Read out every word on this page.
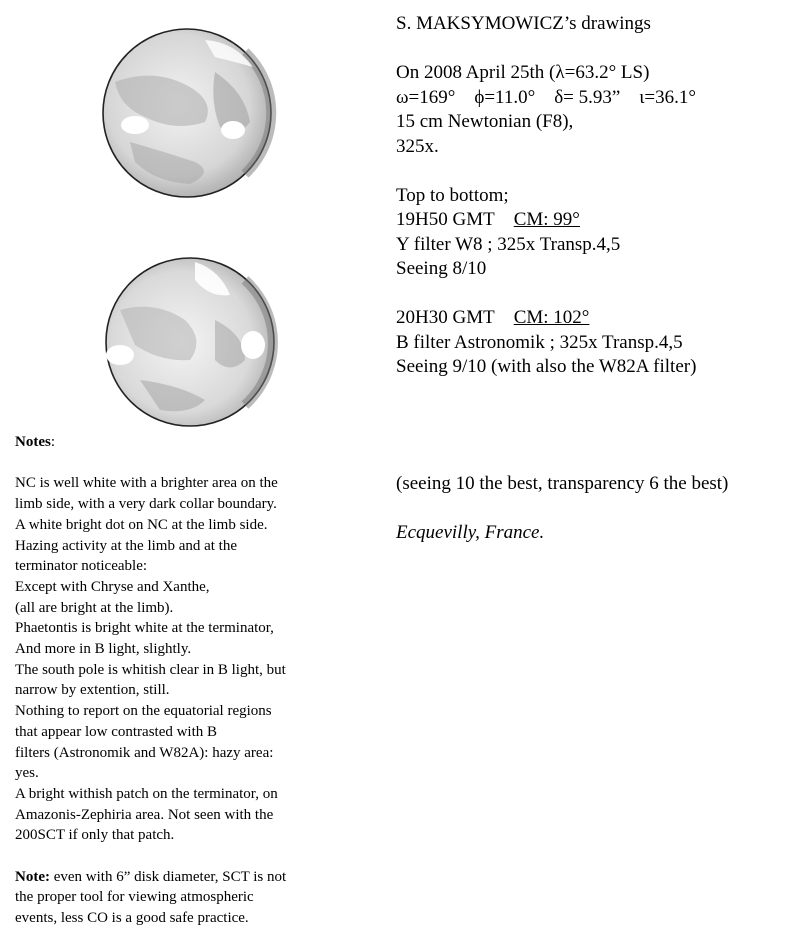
S. MAKSYMOWICZ’s drawings
On 2008 April 25th (λ=63.2° LS)
ω=169° ϕ=11.0° δ= 5.93” ι=36.1°
15 cm Newtonian (F8),
325x.
Top to bottom;
19H50 GMT CM: 99°
Y filter W8 ; 325x Transp.4,5
Seeing 8/10
20H30 GMT CM: 102°
B filter Astronomik ; 325x Transp.4,5
Seeing 9/10 (with also the W82A filter)
Notes:
NC is well white with a brighter area on the
limb side, with a very dark collar boundary.
A white bright dot on NC at the limb side.
Hazing activity at the limb and at the
terminator noticeable:
Except with Chryse and Xanthe,
(all are bright at the limb).
Phaetontis is bright white at the terminator,
And more in B light, slightly.
The south pole is whitish clear in B light, but
narrow by extention, still.
Nothing to report on the equatorial regions
that appear low contrasted with B
filters (Astronomik and W82A): hazy area:
yes.
A bright withish patch on the terminator, on
Amazonis-Zephiria area. Not seen with the
200SCT if only that patch.
Note: even with 6” disk diameter, SCT is not
the proper tool for viewing atmospheric
events, less CO is a good safe practice.
(seeing 10 the best, transparency 6 the best)
Ecquevilly, France.
